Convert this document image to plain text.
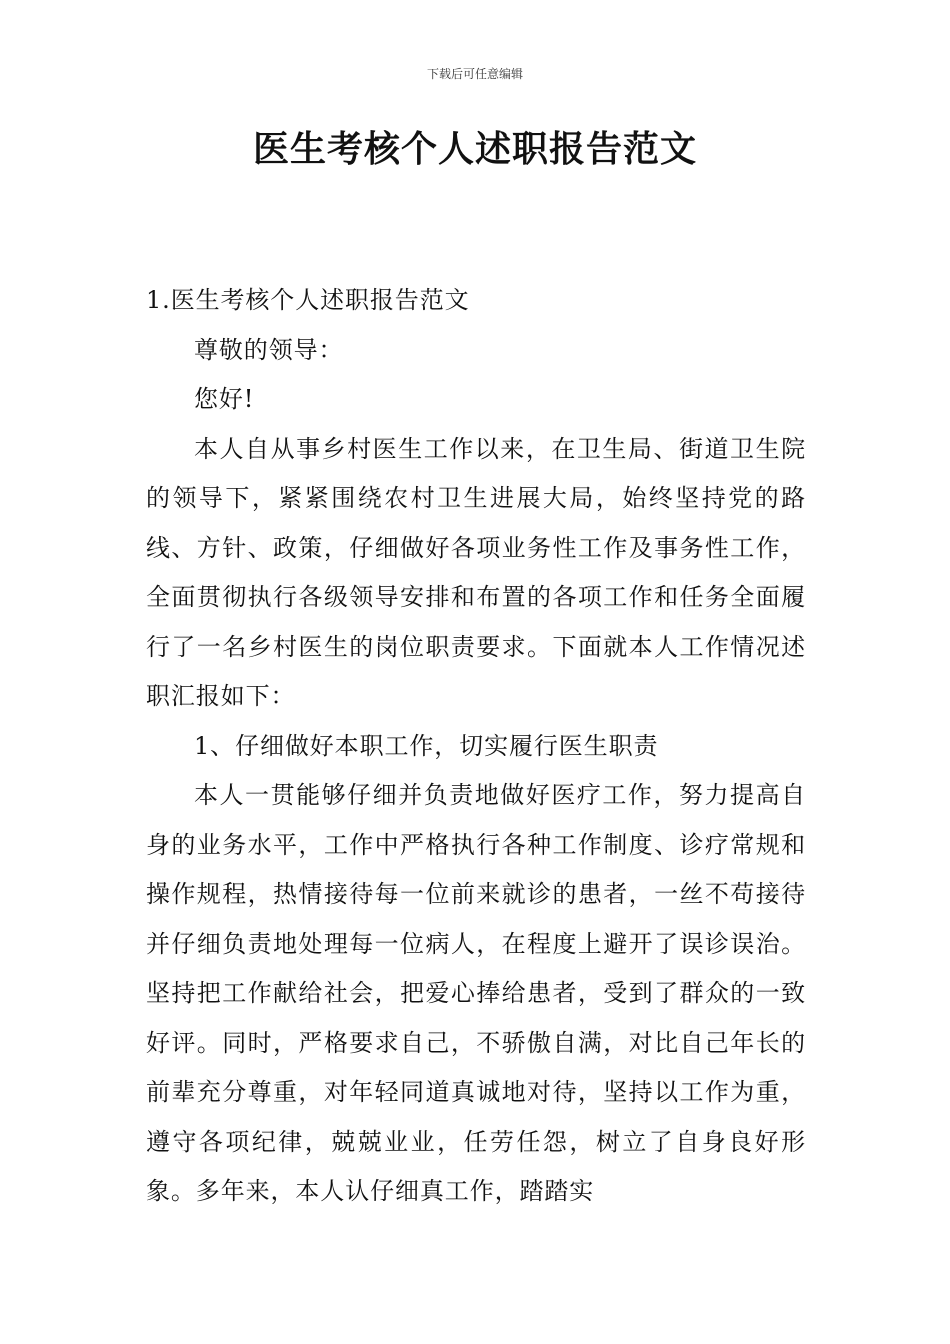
下载后可任意编辑
医生考核个人述职报告范文

1.医生考核个人述职报告范文

尊敬的领导：

您好!

本人自从事乡村医生工作以来，在卫生局、街道卫生院的领导下，紧紧围绕农村卫生进展大局，始终坚持党的路线、方针、政策，仔细做好各项业务性工作及事务性工作，全面贯彻执行各级领导安排和布置的各项工作和任务全面履行了一名乡村医生的岗位职责要求。下面就本人工作情况述职汇报如下：

1、仔细做好本职工作，切实履行医生职责

本人一贯能够仔细并负责地做好医疗工作，努力提高自身的业务水平，工作中严格执行各种工作制度、诊疗常规和操作规程，热情接待每一位前来就诊的患者，一丝不苟接待并仔细负责地处理每一位病人，在程度上避开了误诊误治。坚持把工作献给社会，把爱心捧给患者，受到了群众的一致好评。同时，严格要求自己，不骄傲自满，对比自己年长的前辈充分尊重，对年轻同道真诚地对待，坚持以工作为重，遵守各项纪律，兢兢业业，任劳任怨，树立了自身良好形象。多年来，本人认仔细真工作，踏踏实
